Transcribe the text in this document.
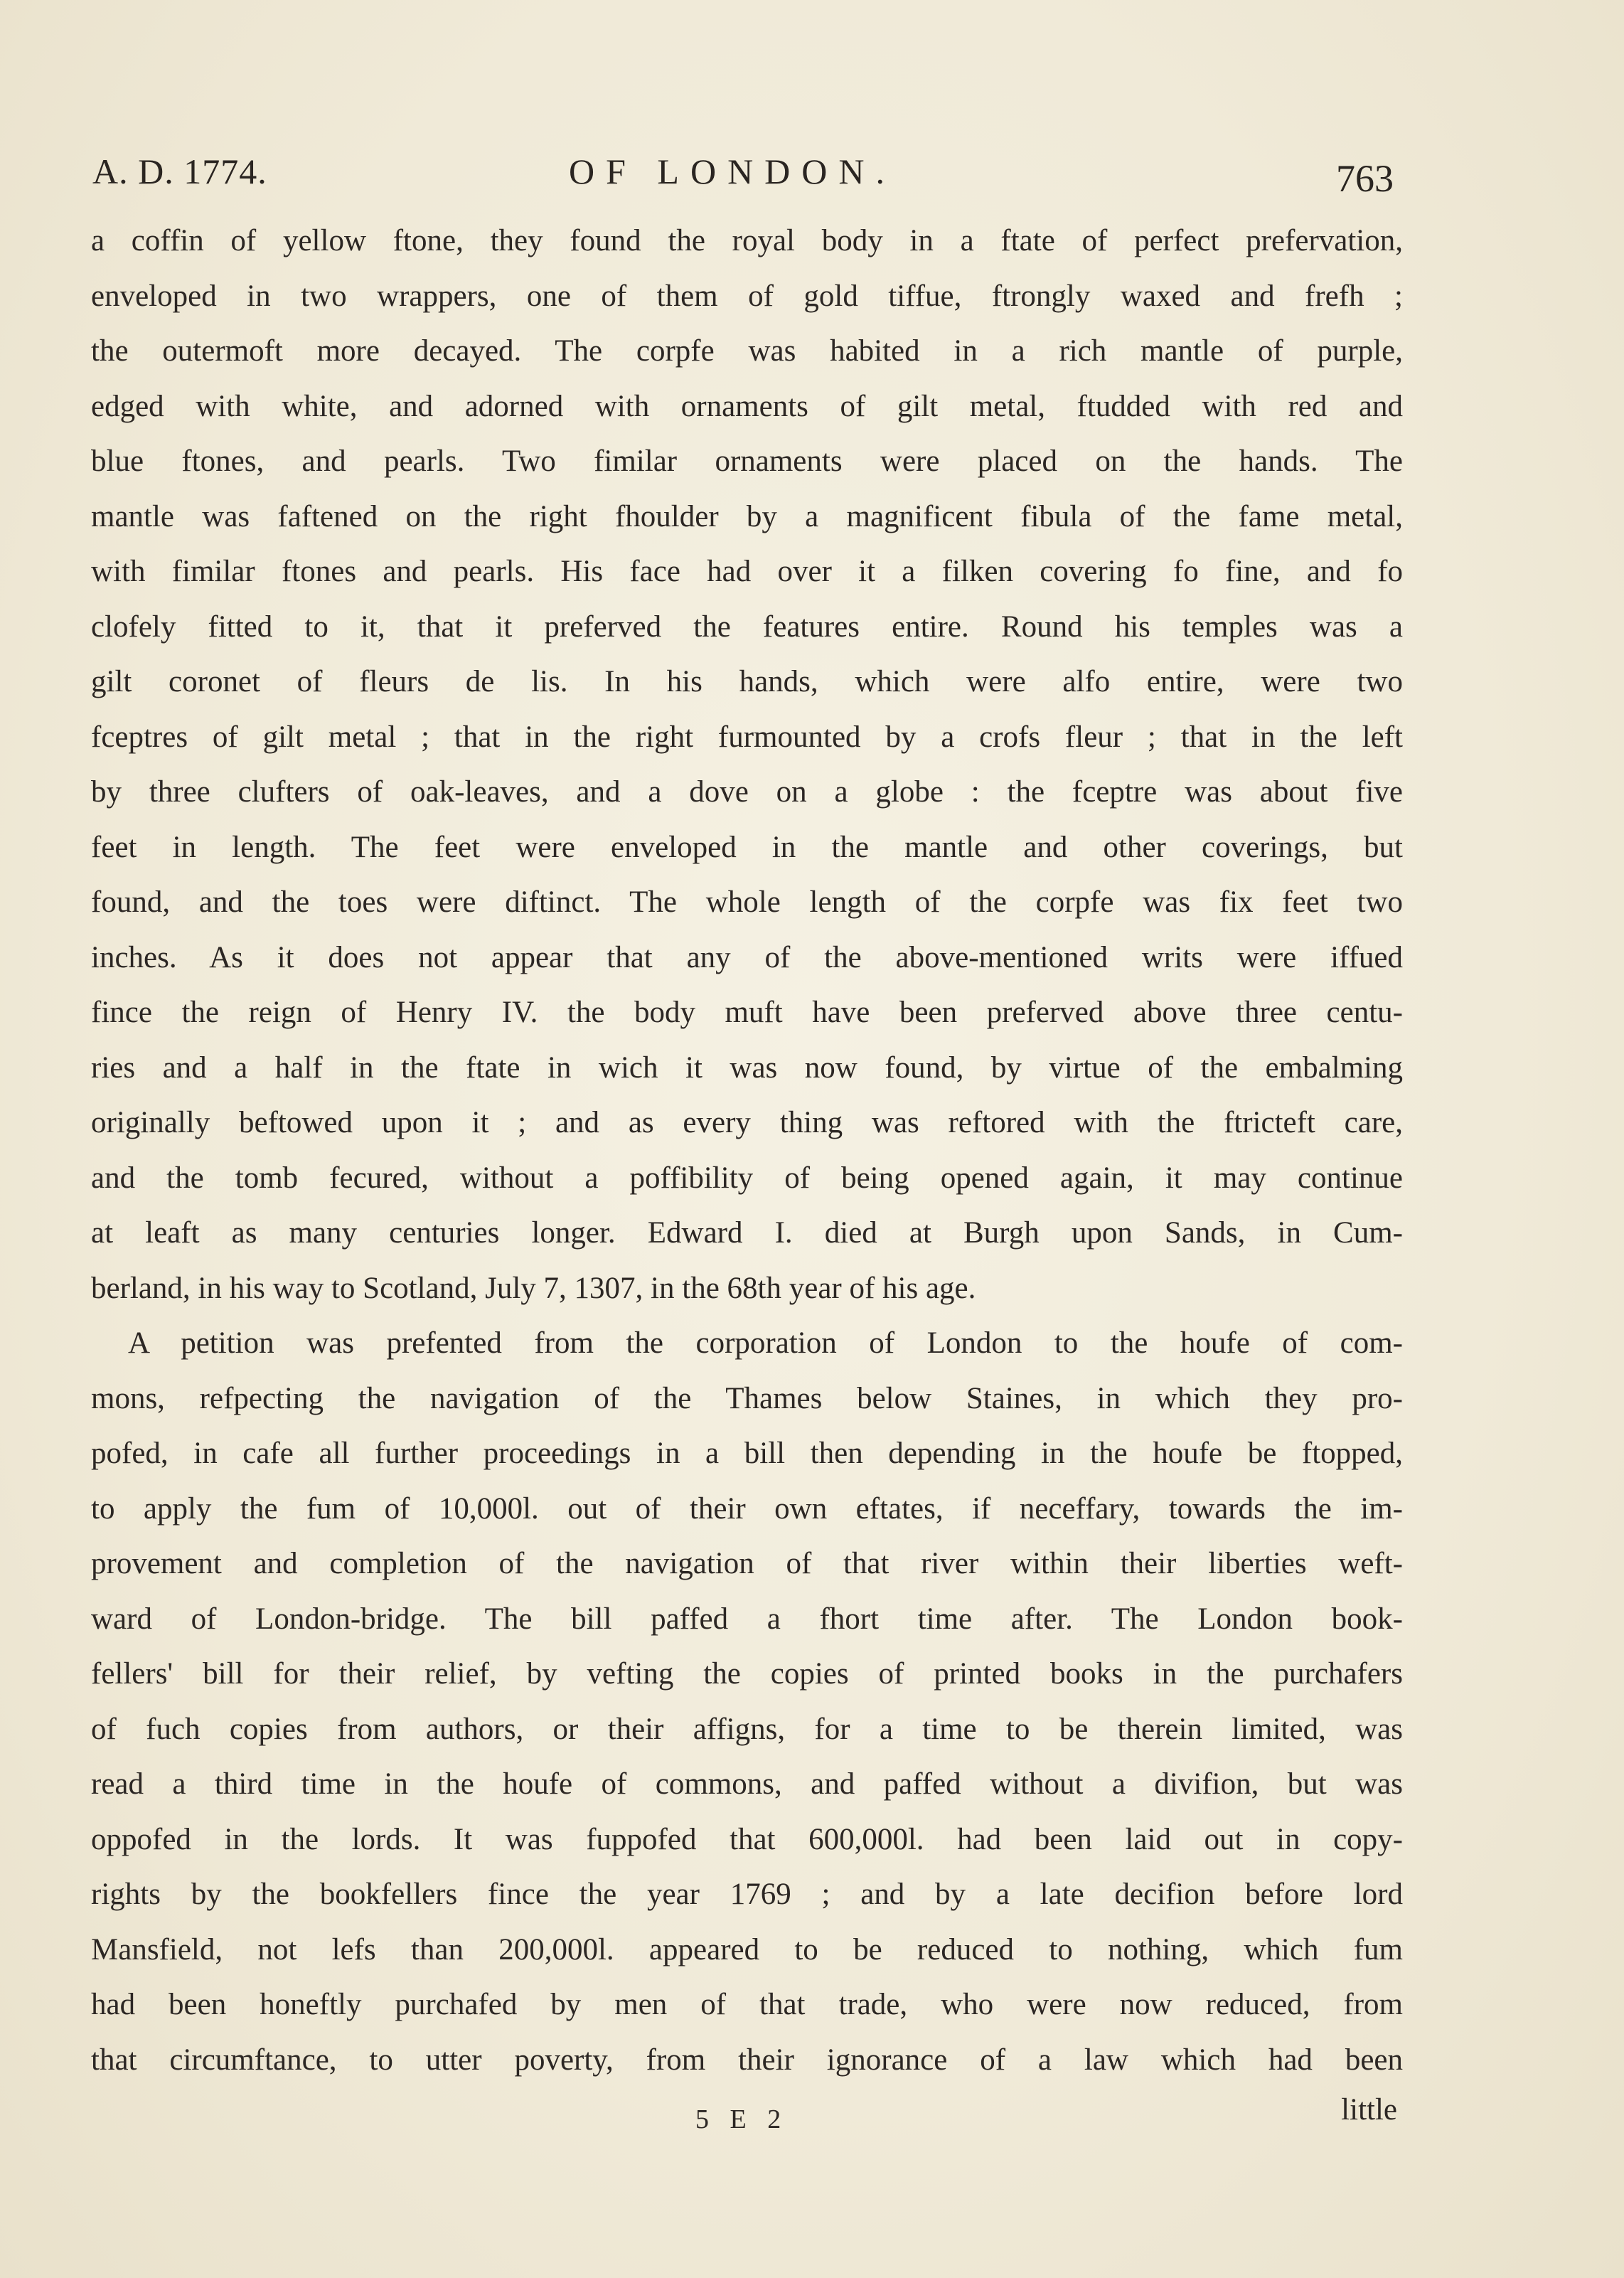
A. D. 1774.	OF LONDON.	763
a coffin of yellow ftone, they found the royal body in a ftate of perfect prefervation,
enveloped in two wrappers, one of them of gold tiffue, ftrongly waxed and frefh ;
the outermoft more decayed. The corpfe was habited in a rich mantle of purple,
edged with white, and adorned with ornaments of gilt metal, ftudded with red and
blue ftones, and pearls. Two fimilar ornaments were placed on the hands. The
mantle was faftened on the right fhoulder by a magnificent fibula of the fame metal,
with fimilar ftones and pearls. His face had over it a filken covering fo fine, and fo
clofely fitted to it, that it preferved the features entire. Round his temples was a
gilt coronet of fleurs de lis. In his hands, which were alfo entire, were two
fceptres of gilt metal ; that in the right furmounted by a crofs fleur ; that in the left
by three clufters of oak-leaves, and a dove on a globe : the fceptre was about five
feet in length. The feet were enveloped in the mantle and other coverings, but
found, and the toes were diftinct. The whole length of the corpfe was fix feet two
inches. As it does not appear that any of the above-mentioned writs were iffued
fince the reign of Henry IV. the body muft have been preferved above three centu-
ries and a half in the ftate in wich it was now found, by virtue of the embalming
originally beftowed upon it ; and as every thing was reftored with the ftricteft care,
and the tomb fecured, without a poffibility of being opened again, it may continue
at leaft as many centuries longer. Edward I. died at Burgh upon Sands, in Cum-
berland, in his way to Scotland, July 7, 1307, in the 68th year of his age.
A petition was prefented from the corporation of London to the houfe of com-
mons, refpecting the navigation of the Thames below Staines, in which they pro-
pofed, in cafe all further proceedings in a bill then depending in the houfe be ftopped,
to apply the fum of 10,000l. out of their own eftates, if neceffary, towards the im-
provement and completion of the navigation of that river within their liberties weft-
ward of London-bridge. The bill paffed a fhort time after. The London book-
fellers' bill for their relief, by vefting the copies of printed books in the purchafers
of fuch copies from authors, or their affigns, for a time to be therein limited, was
read a third time in the houfe of commons, and paffed without a divifion, but was
oppofed in the lords. It was fuppofed that 600,000l. had been laid out in copy-
rights by the bookfellers fince the year 1769 ; and by a late decifion before lord
Mansfield, not lefs than 200,000l. appeared to be reduced to nothing, which fum
had been honeftly purchafed by men of that trade, who were now reduced, from
that circumftance, to utter poverty, from their ignorance of a law which had been
5 E 2	little
